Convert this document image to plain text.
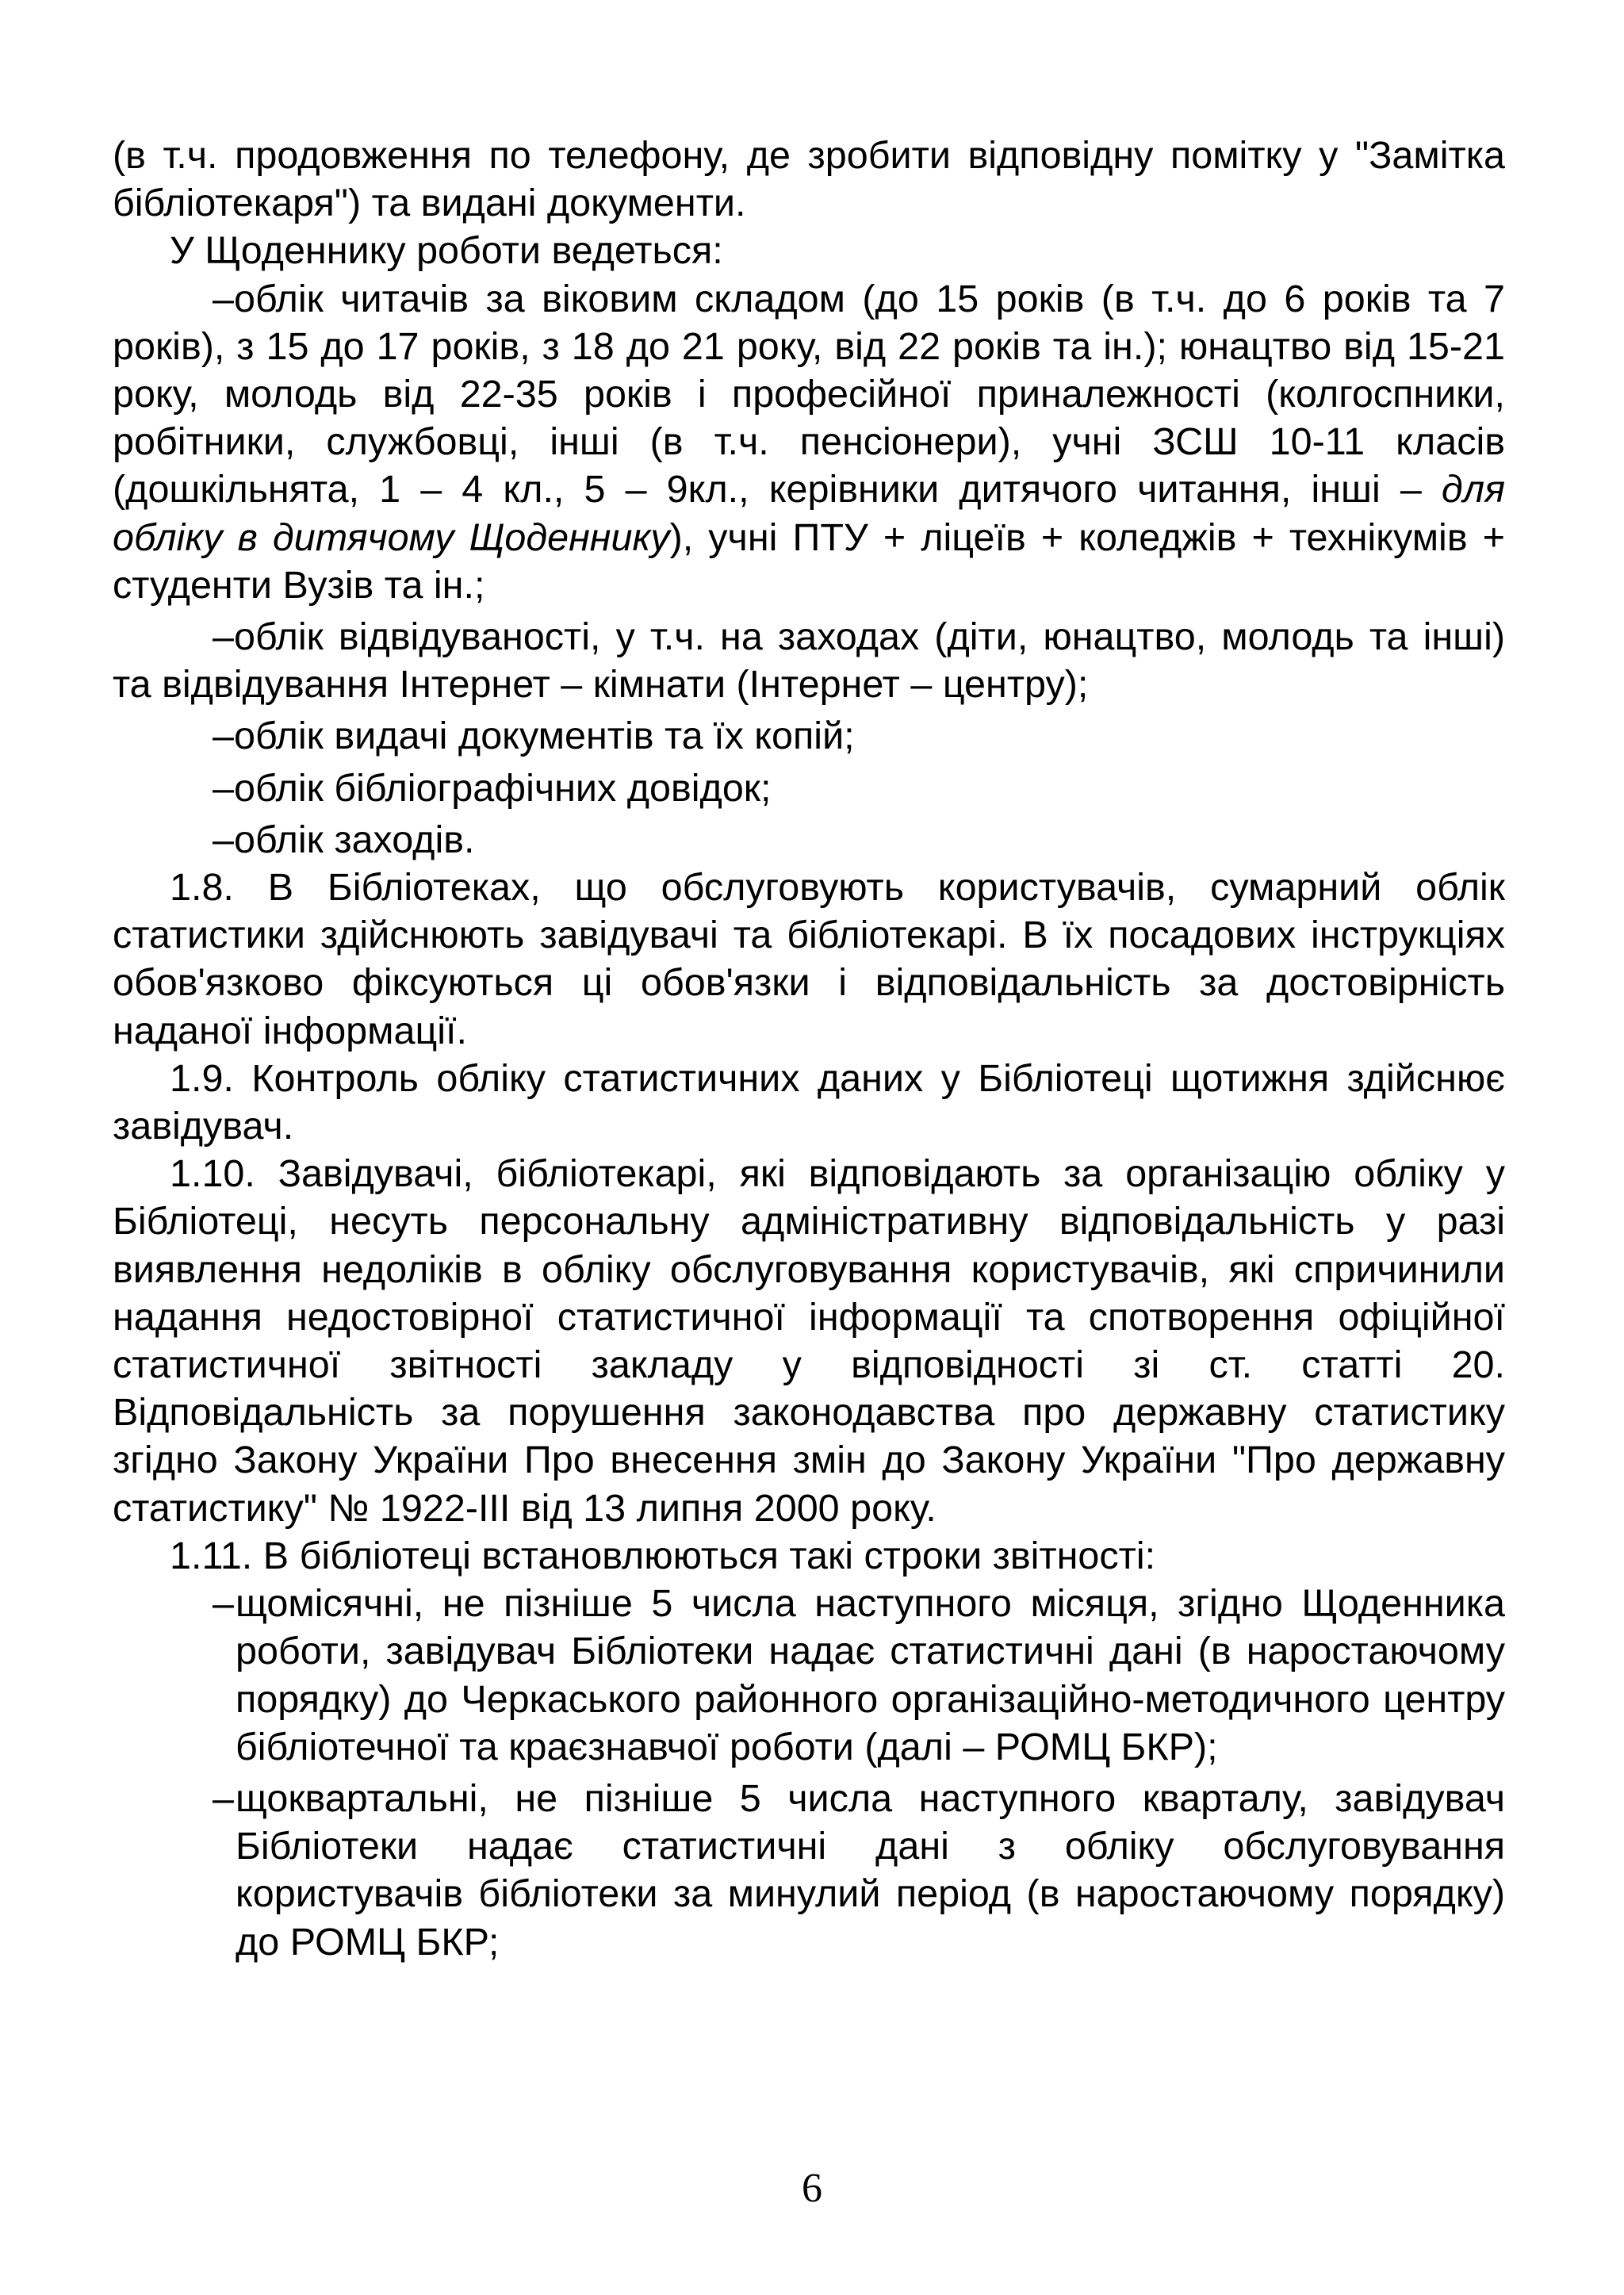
(в т.ч. продовження по телефону, де зробити відповідну помітку у "Замітка бібліотекаря") та видані документи.

У Щоденнику роботи ведеться:

–облік читачів за віковим складом (до 15 років (в т.ч. до 6 років та 7 років), з 15 до 17 років, з 18 до 21 року, від 22 років та ін.); юнацтво від 15-21 року, молодь від 22-35 років і професійної приналежності (колгоспники, робітники, службовці, інші (в т.ч. пенсіонери), учні ЗСШ 10-11 класів (дошкільнята, 1 – 4 кл., 5 – 9кл., керівники дитячого читання, інші – для обліку в дитячому Щоденнику), учні ПТУ + ліцеїв + коледжів + технікумів + студенти Вузів та ін.;

–облік відвідуваності, у т.ч. на заходах (діти, юнацтво, молодь та інші) та відвідування Інтернет – кімнати (Інтернет – центру);

–облік видачі документів та їх копій;

–облік бібліографічних довідок;

–облік заходів.

1.8. В Бібліотеках, що обслуговують користувачів, сумарний облік статистики здійснюють завідувачі та бібліотекарі. В їх посадових інструкціях обов'язково фіксуються ці обов'язки і відповідальність за достовірність наданої інформації.

1.9. Контроль обліку статистичних даних у Бібліотеці щотижня здійснює завідувач.

1.10. Завідувачі, бібліотекарі, які відповідають за організацію обліку у Бібліотеці, несуть персональну адміністративну відповідальність у разі виявлення недоліків в обліку обслуговування користувачів, які спричинили надання недостовірної статистичної інформації та спотворення офіційної статистичної звітності закладу у відповідності зі ст. статті 20. Відповідальність за порушення законодавства про державну статистику згідно Закону України Про внесення змін до Закону України "Про державну статистику" № 1922-ІІІ від 13 липня 2000 року.

1.11. В бібліотеці встановлюються такі строки звітності:

– щомісячні, не пізніше 5 числа наступного місяця, згідно Щоденника роботи, завідувач Бібліотеки надає статистичні дані (в наростаючому порядку) до Черкаського районного організаційно-методичного центру бібліотечної та краєзнавчої роботи (далі – РОМЦ БКР);
– щоквартальні, не пізніше 5 числа наступного кварталу, завідувач Бібліотеки надає статистичні дані з обліку обслуговування користувачів бібліотеки за минулий період (в наростаючому порядку) до РОМЦ БКР;
6
